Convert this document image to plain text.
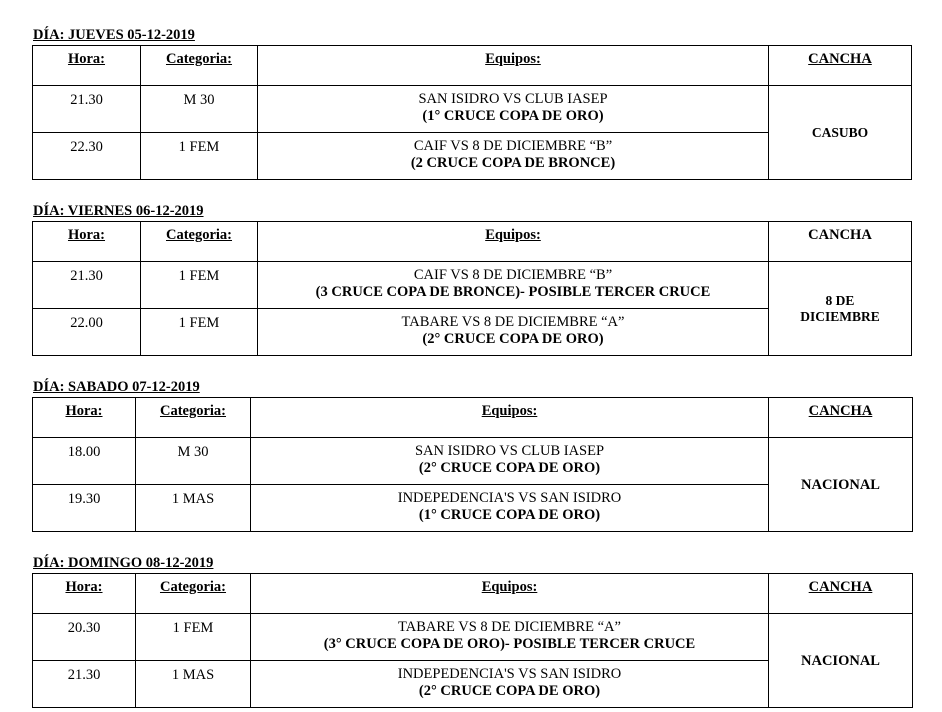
DÍA: JUEVES 05-12-2019
Hora:	Categoria:	Equipos:	CANCHA
21.30	M 30	SAN ISIDRO VS CLUB IASEP
(1° CRUCE COPA DE ORO)	CASUBO
22.30	1 FEM	CAIF VS 8 DE DICIEMBRE “B”
(2 CRUCE COPA DE BRONCE)	
DÍA: VIERNES 06-12-2019
Hora:	Categoria:	Equipos:	CANCHA
21.30	1 FEM	CAIF VS 8 DE DICIEMBRE “B”
(3 CRUCE COPA DE BRONCE)- POSIBLE TERCER CRUCE	8 DE DICIEMBRE
22.00	1 FEM	TABARE VS 8 DE DICIEMBRE “A”
(2° CRUCE COPA DE ORO)	
DÍA: SABADO 07-12-2019
Hora:	Categoria:	Equipos:	CANCHA
18.00	M 30	SAN ISIDRO VS CLUB IASEP
(2° CRUCE COPA DE ORO)	NACIONAL
19.30	1 MAS	INDEPEDENCIA'S VS SAN ISIDRO
(1° CRUCE COPA DE ORO)	
DÍA: DOMINGO 08-12-2019
Hora:	Categoria:	Equipos:	CANCHA
20.30	1 FEM	TABARE VS 8 DE DICIEMBRE “A”
(3° CRUCE COPA DE ORO)- POSIBLE TERCER CRUCE	NACIONAL
21.30	1 MAS	INDEPEDENCIA'S VS SAN ISIDRO
(2° CRUCE COPA DE ORO)	
